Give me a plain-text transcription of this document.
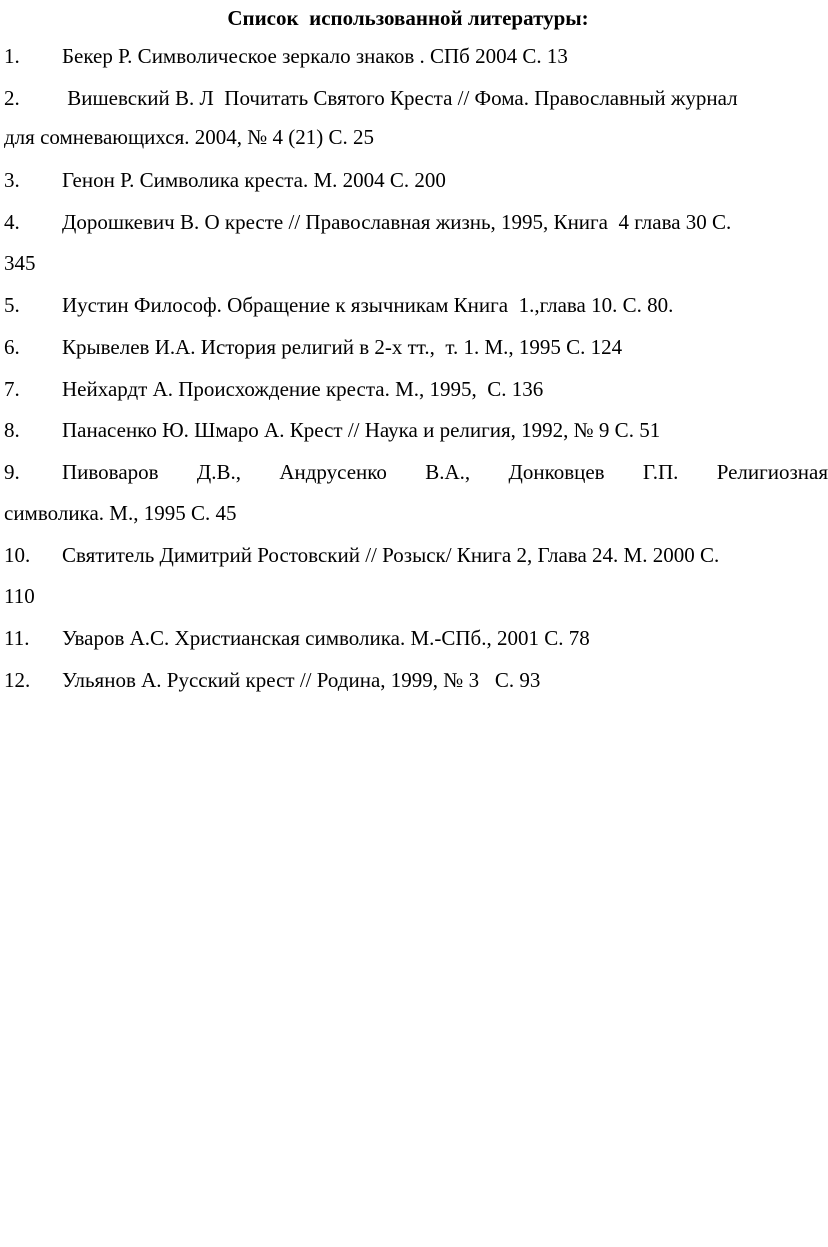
Список  использованной литературы:
1. Бекер Р. Символическое зеркало знаков . СПб 2004 С. 13
2. Вишевский В. Л  Почитать Святого Креста // Фома. Православный журнал
для сомневающихся. 2004, № 4 (21) С. 25
3. Генон Р. Символика креста. М. 2004 С. 200
4. Дорошкевич В. О кресте // Православная жизнь, 1995, Книга  4 глава 30 С.
345
5. Иустин Философ. Обращение к язычникам Книга  1.,глава 10. С. 80.
6. Крывелев И.А. История религий в 2-х тт.,  т. 1. М., 1995 С. 124
7. Нейхардт А. Происхождение креста. М., 1995,  С. 136
8. Панасенко Ю. Шмаро А. Крест // Наука и религия, 1992, № 9 С. 51
9. Пивоваров Д.В., Андрусенко В.А., Донковцев Г.П. Религиозная
символика. М., 1995 С. 45
10. Святитель Димитрий Ростовский // Розыск/ Книга 2, Глава 24. М. 2000 С.
110
11. Уваров А.С. Христианская символика. М.-СПб., 2001 С. 78
12. Ульянов А. Русский крест // Родина, 1999, № 3   С. 93
